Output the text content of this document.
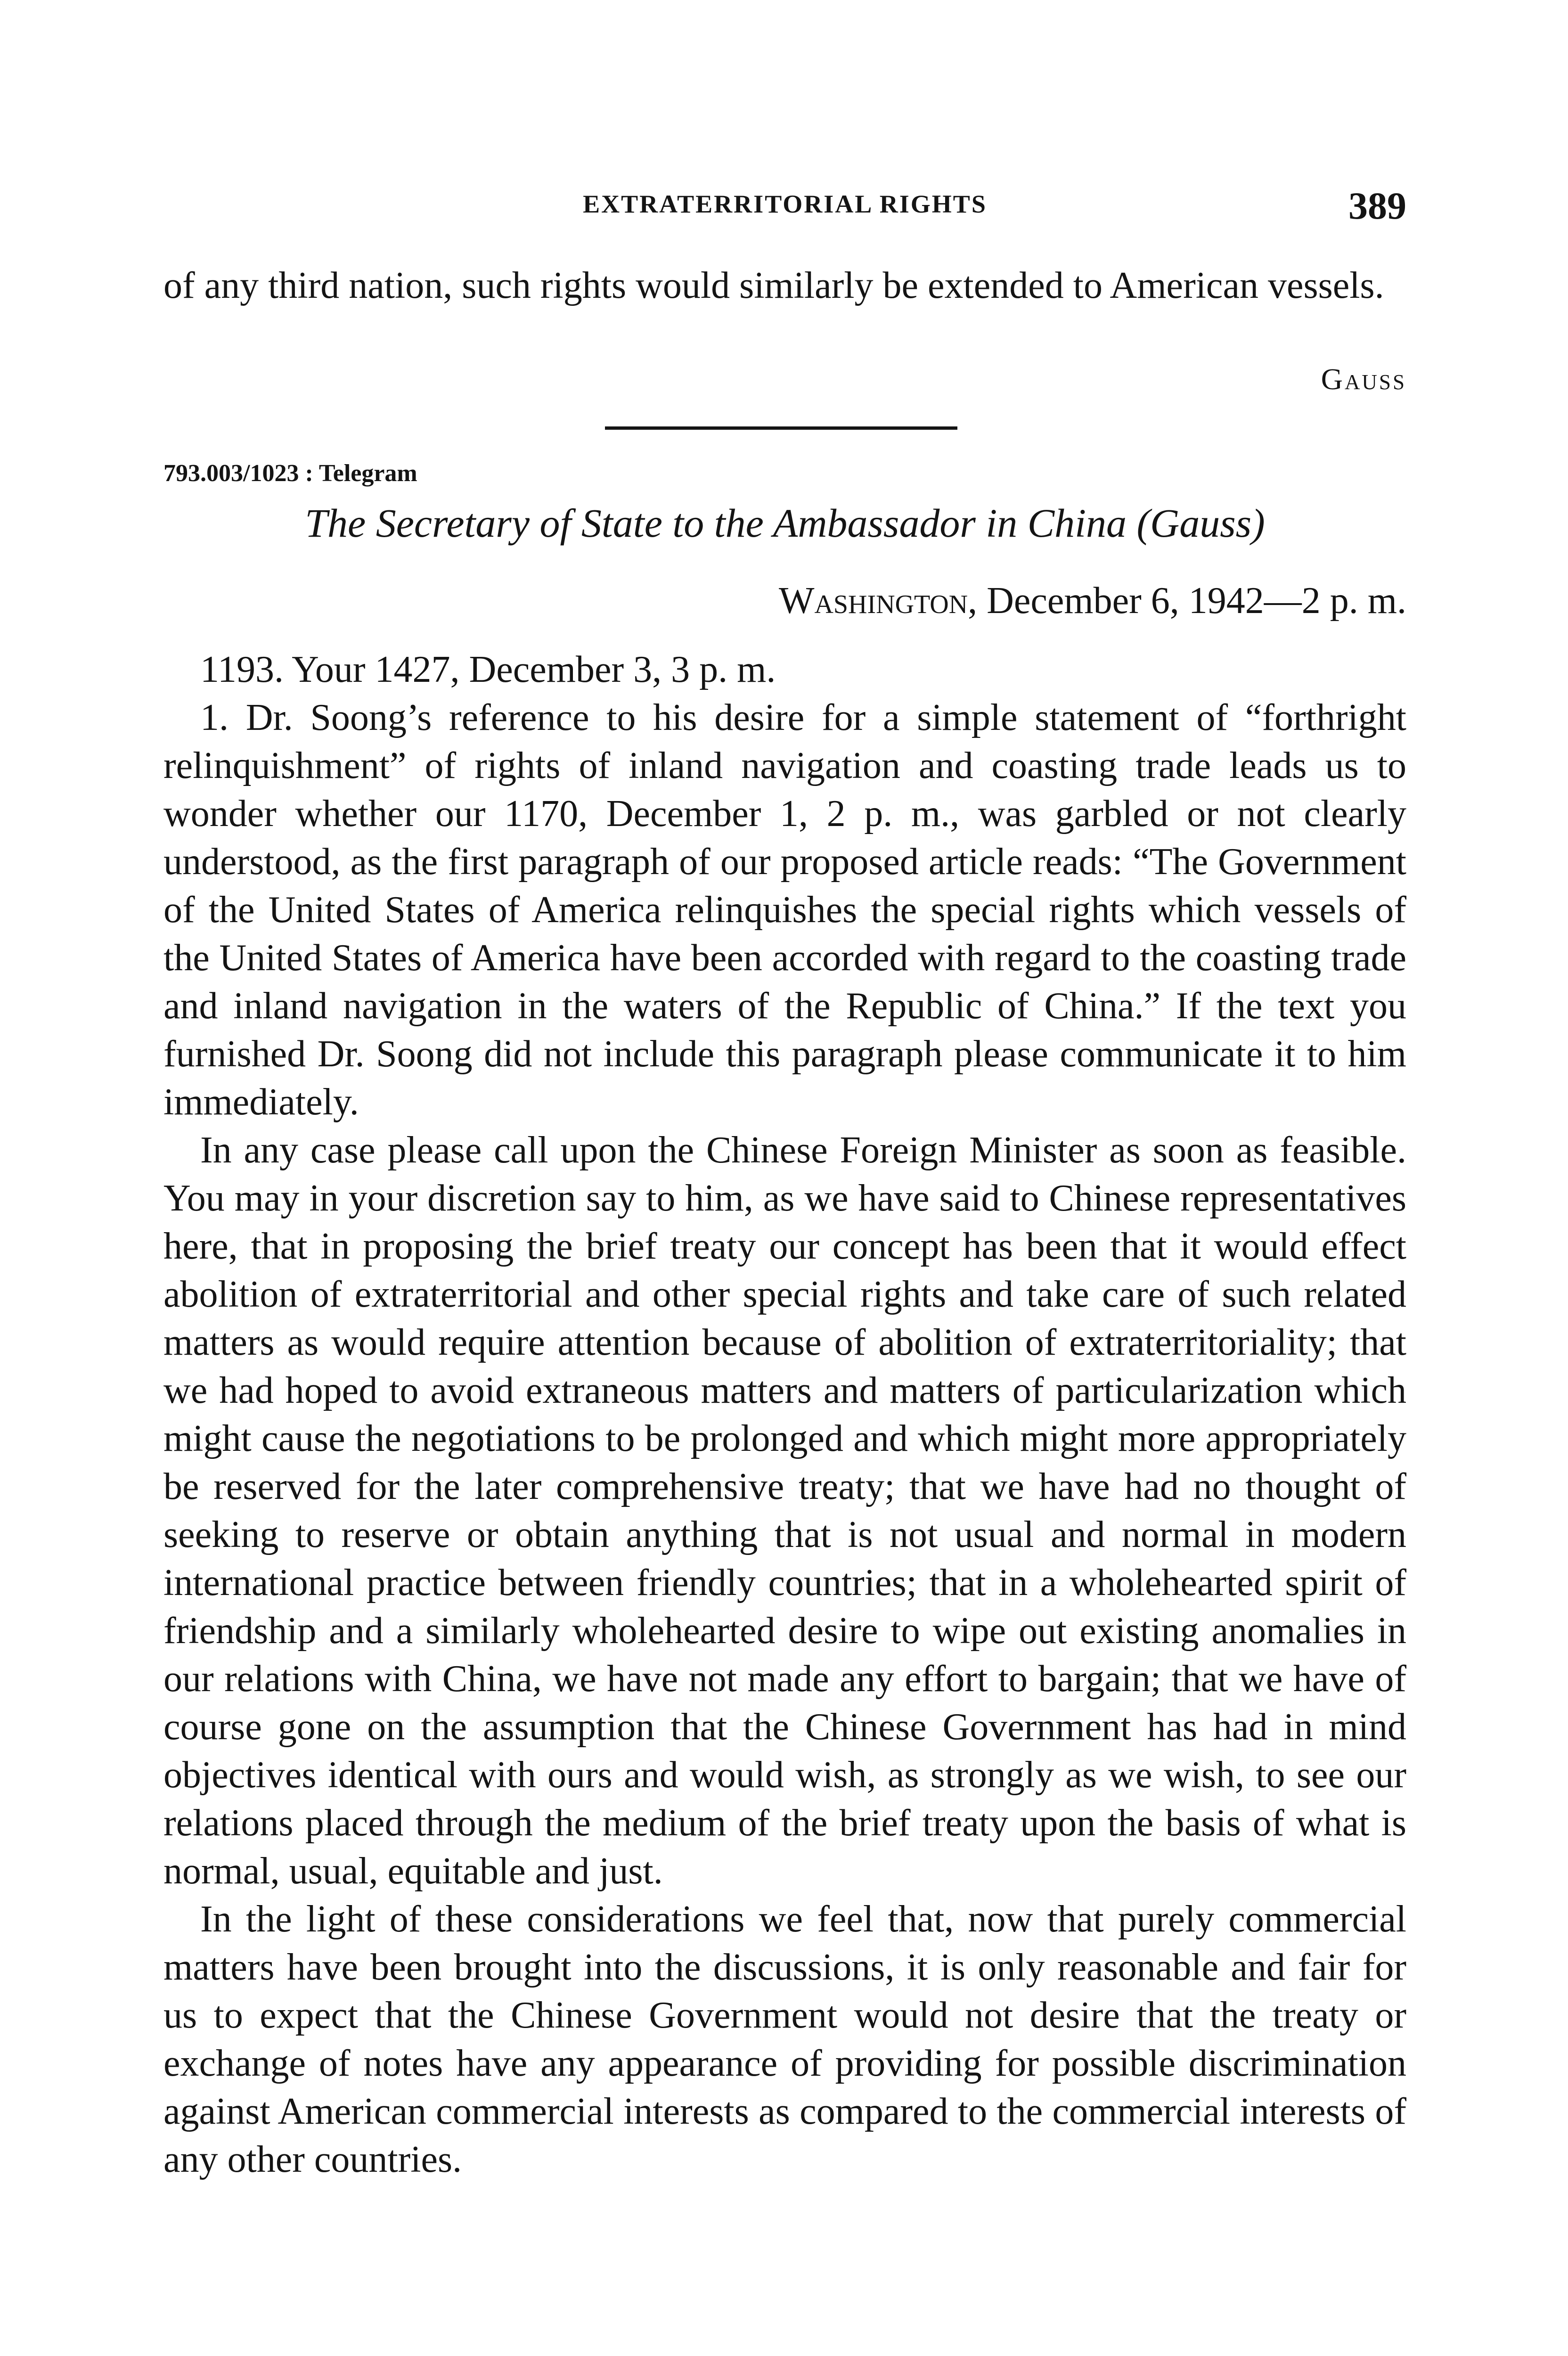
EXTRATERRITORIAL RIGHTS	389
of any third nation, such rights would similarly be extended to American vessels.
Gauss
793.003/1023 : Telegram
The Secretary of State to the Ambassador in China (Gauss)
Washington, December 6, 1942—2 p. m.

1193. Your 1427, December 3, 3 p. m.

1. Dr. Soong’s reference to his desire for a simple statement of “forthright relinquishment” of rights of inland navigation and coasting trade leads us to wonder whether our 1170, December 1, 2 p. m., was garbled or not clearly understood, as the first paragraph of our proposed article reads: “The Government of the United States of America relinquishes the special rights which vessels of the United States of America have been accorded with regard to the coasting trade and inland navigation in the waters of the Republic of China.” If the text you furnished Dr. Soong did not include this paragraph please communicate it to him immediately.

In any case please call upon the Chinese Foreign Minister as soon as feasible. You may in your discretion say to him, as we have said to Chinese representatives here, that in proposing the brief treaty our concept has been that it would effect abolition of extraterritorial and other special rights and take care of such related matters as would require attention because of abolition of extraterritoriality; that we had hoped to avoid extraneous matters and matters of particularization which might cause the negotiations to be prolonged and which might more appropriately be reserved for the later comprehensive treaty; that we have had no thought of seeking to reserve or obtain anything that is not usual and normal in modern international practice between friendly countries; that in a wholehearted spirit of friendship and a similarly wholehearted desire to wipe out existing anomalies in our relations with China, we have not made any effort to bargain; that we have of course gone on the assumption that the Chinese Government has had in mind objectives identical with ours and would wish, as strongly as we wish, to see our relations placed through the medium of the brief treaty upon the basis of what is normal, usual, equitable and just.

In the light of these considerations we feel that, now that purely commercial matters have been brought into the discussions, it is only reasonable and fair for us to expect that the Chinese Government would not desire that the treaty or exchange of notes have any appearance of providing for possible discrimination against American commercial interests as compared to the commercial interests of any other countries.
